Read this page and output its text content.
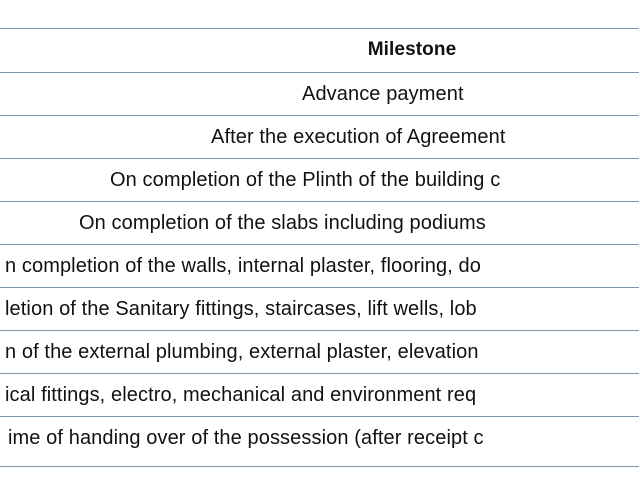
Milestone
Advance payment
After the execution of Agreement
On completion of the Plinth of the building c
On completion of the slabs including podiums
n completion of the walls, internal plaster, flooring, do
letion of the Sanitary fittings, staircases, lift wells, lob
n of the external plumbing, external plaster, elevation
ical fittings, electro, mechanical and environment req
ime of handing over of the possession (after receipt c
